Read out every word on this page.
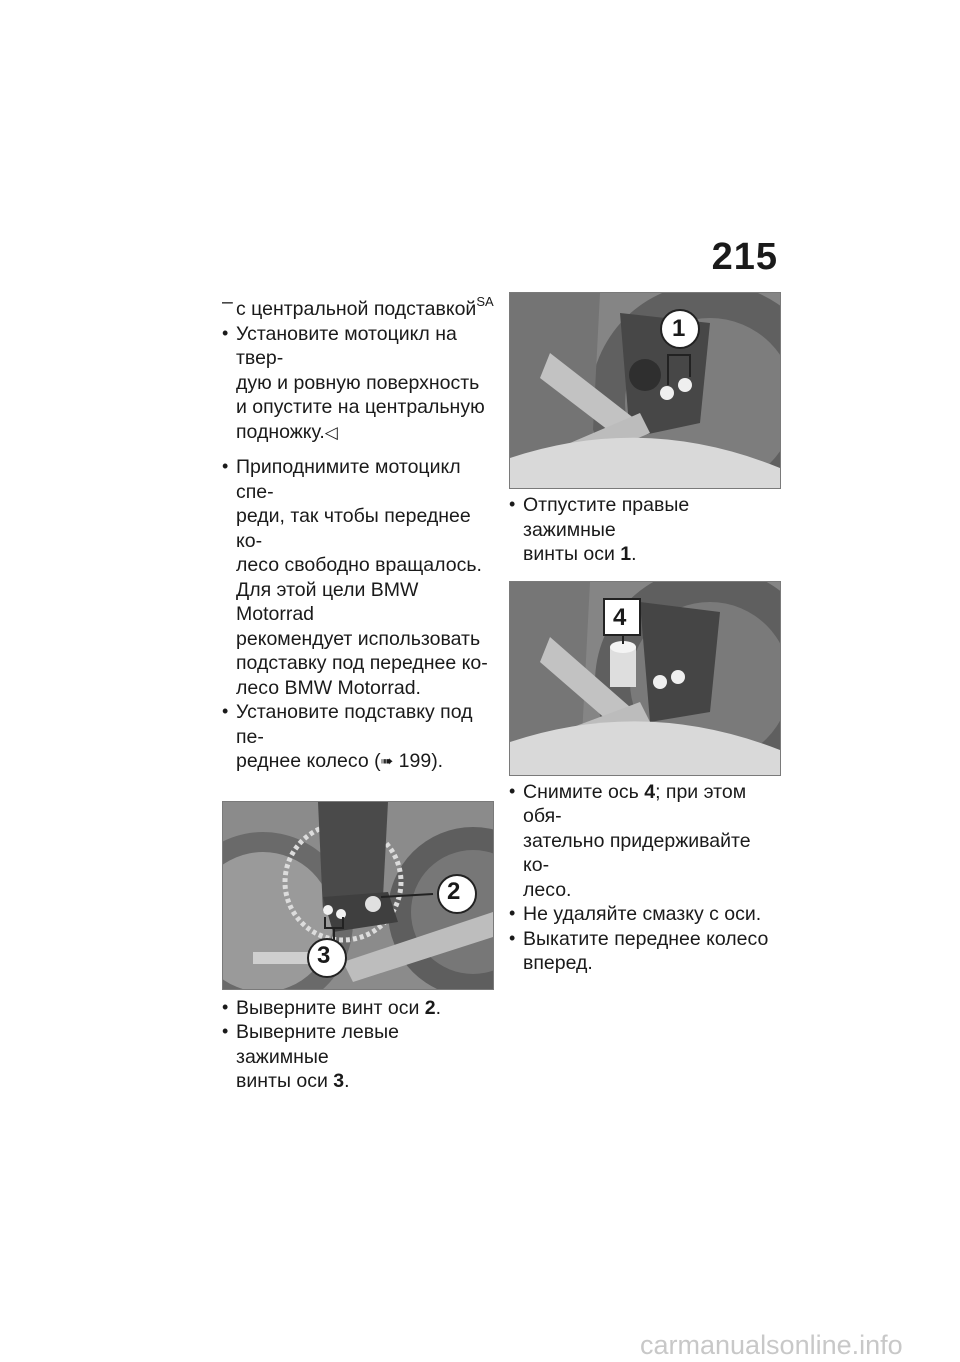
215
– с центральной подставкой$^{SA}$
• Установите мотоцикл на твер-
дую и ровную поверхность
и опустите на центральную
подножку.◁
• Приподнимите мотоцикл спе-
реди, так чтобы переднее ко-
лесо свободно вращалось.
Для этой цели BMW Motorrad
рекомендует использовать
подставку под переднее ко-
лесо BMW Motorrad.
• Установите подставку под пе-
реднее колесо (➠ 199).
2
3
• Выверните винт оси 2.
• Выверните левые зажимные
винты оси 3.
1
• Отпустите правые зажимные
винты оси 1.
4
• Снимите ось 4; при этом обя-
зательно придерживайте ко-
лесо.
• Не удаляйте смазку с оси.
• Выкатите переднее колесо
вперед.
carmanualsonline.info
